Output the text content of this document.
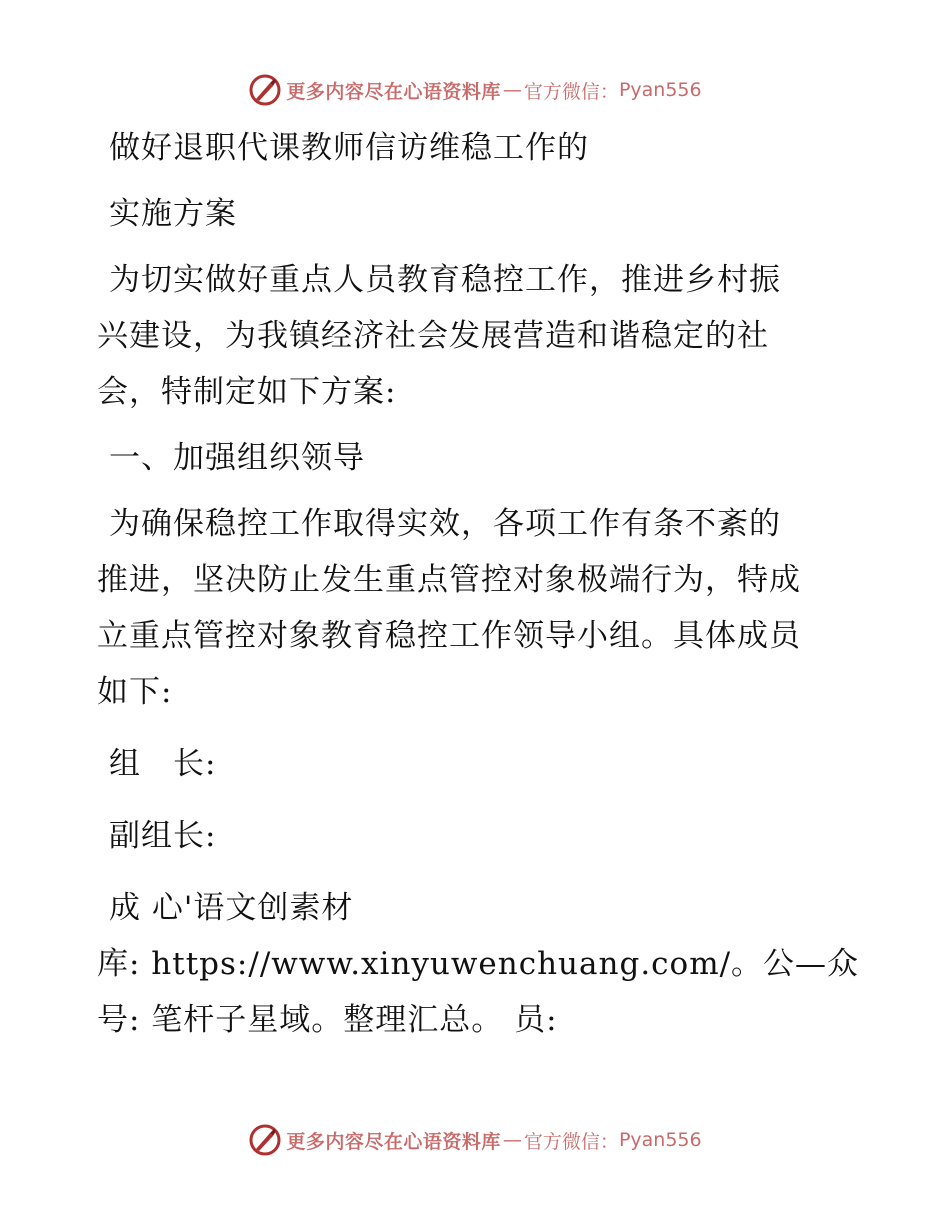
更多内容尽在心语资料库 — 官方微信： Pyan556

做好退职代课教师信访维稳工作的

实施方案

为切实做好重点人员教育稳控工作，推进乡村振

兴建设，为我镇经济社会发展营造和谐稳定的社

会，特制定如下方案:

一、加强组织领导

为确保稳控工作取得实效，各项工作有条不紊的

推进，坚决防止发生重点管控对象极端行为，特成

立重点管控对象教育稳控工作领导小组。具体成员

如下:

组　长:

副组长:

成 心'语文创素材

库: https://www.xinyuwenchuang.com/。公—众

号: 笔杆子星域。整理汇总。 员:

更多内容尽在心语资料库 — 官方微信： Pyan556
